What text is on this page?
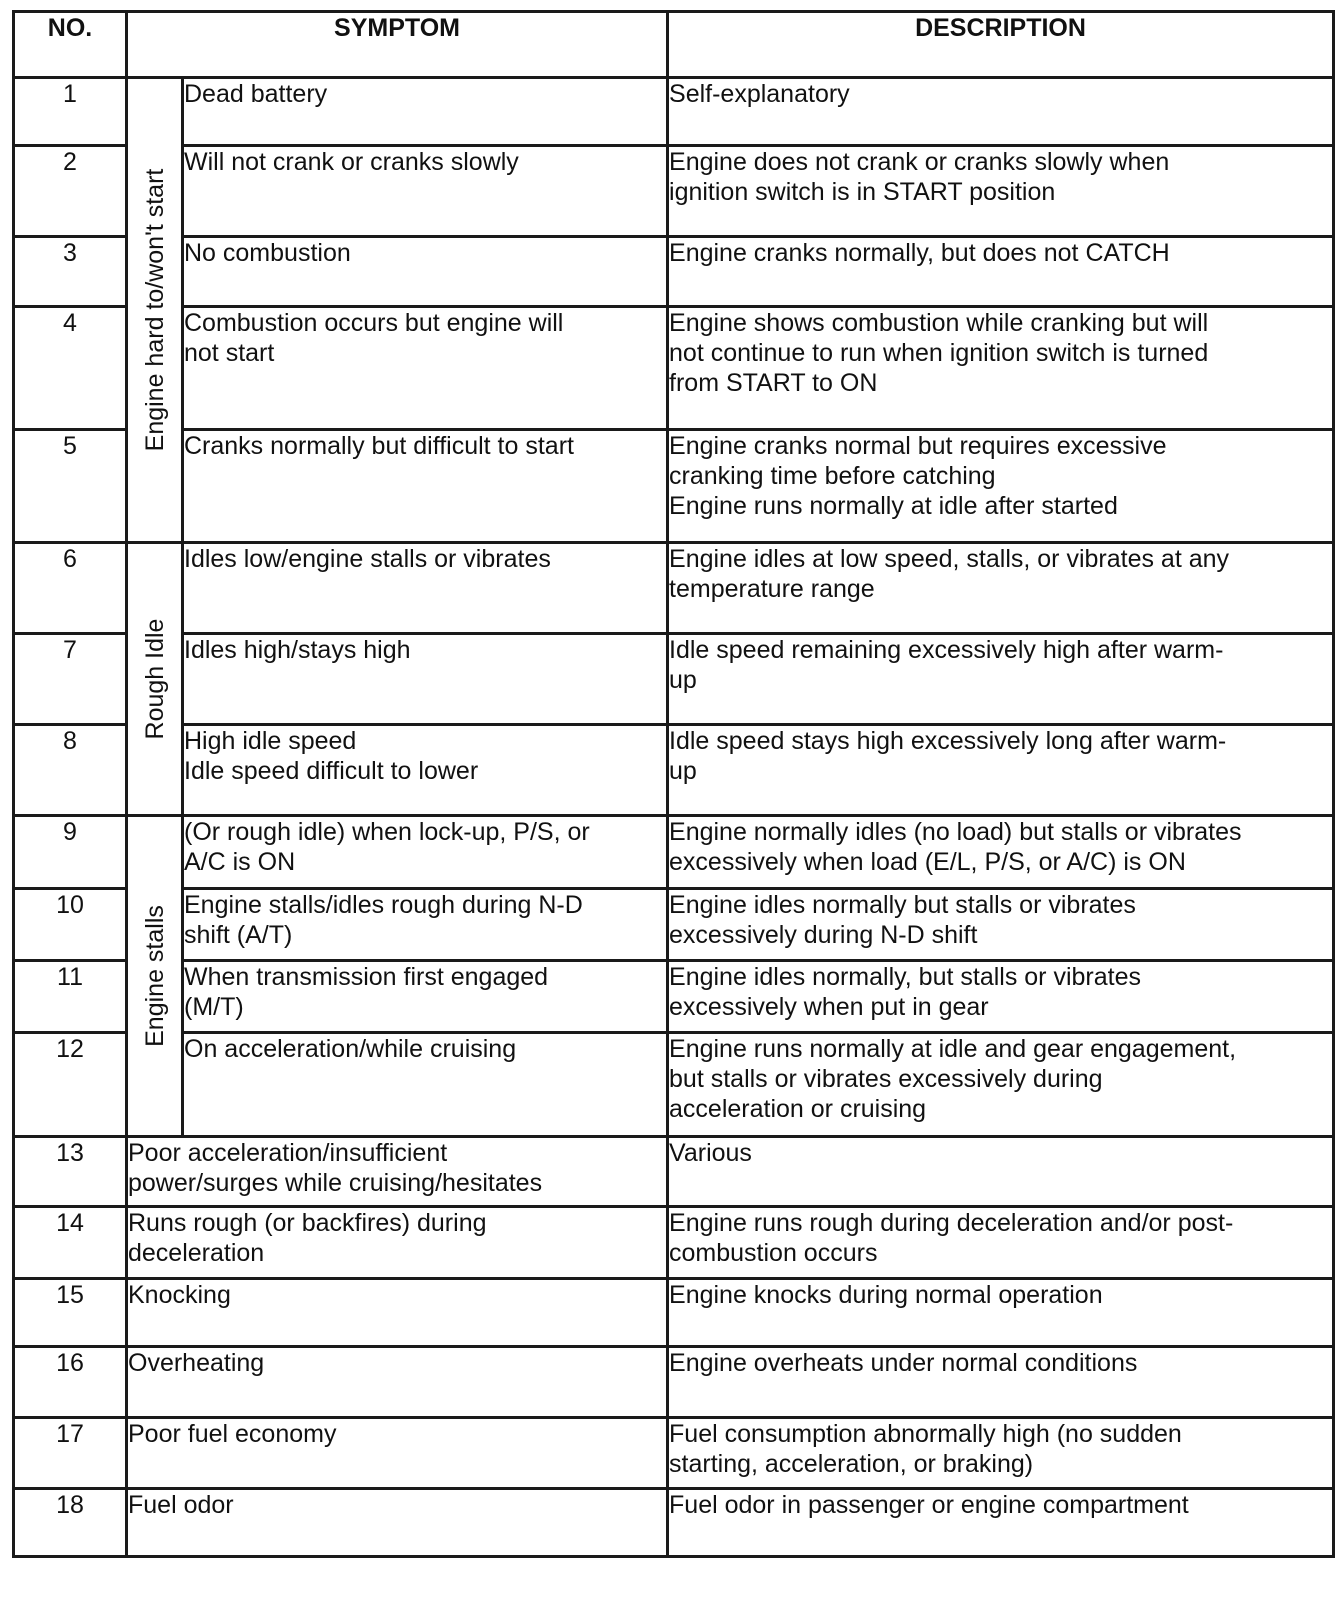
NO.	SYMPTOM		DESCRIPTION
1	Engine hard to/won't start	Dead battery	Self-explanatory
2		Will not crank or cranks slowly	Engine does not crank or cranks slowly when
ignition switch is in START position
3		No combustion	Engine cranks normally, but does not CATCH
4		Combustion occurs but engine will
not start	Engine shows combustion while cranking but will
not continue to run when ignition switch is turned
from START to ON
5		Cranks normally but difficult to start	Engine cranks normal but requires excessive
cranking time before catching
Engine runs normally at idle after started
6	Rough Idle	Idles low/engine stalls or vibrates	Engine idles at low speed, stalls, or vibrates at any
temperature range
7		Idles high/stays high	Idle speed remaining excessively high after warm-
up
8		High idle speed
Idle speed difficult to lower	Idle speed stays high excessively long after warm-
up
9	Engine stalls	(Or rough idle) when lock-up, P/S, or
A/C is ON	Engine normally idles (no load) but stalls or vibrates
excessively when load (E/L, P/S, or A/C) is ON
10		Engine stalls/idles rough during N-D
shift (A/T)	Engine idles normally but stalls or vibrates
excessively during N-D shift
11		When transmission first engaged
(M/T)	Engine idles normally, but stalls or vibrates
excessively when put in gear
12		On acceleration/while cruising	Engine runs normally at idle and gear engagement,
but stalls or vibrates excessively during
acceleration or cruising
13	Poor acceleration/insufficient
power/surges while cruising/hesitates		Various
14	Runs rough (or backfires) during
deceleration		Engine runs rough during deceleration and/or post-
combustion occurs
15	Knocking		Engine knocks during normal operation
16	Overheating		Engine overheats under normal conditions
17	Poor fuel economy		Fuel consumption abnormally high (no sudden
starting, acceleration, or braking)
18	Fuel odor		Fuel odor in passenger or engine compartment
